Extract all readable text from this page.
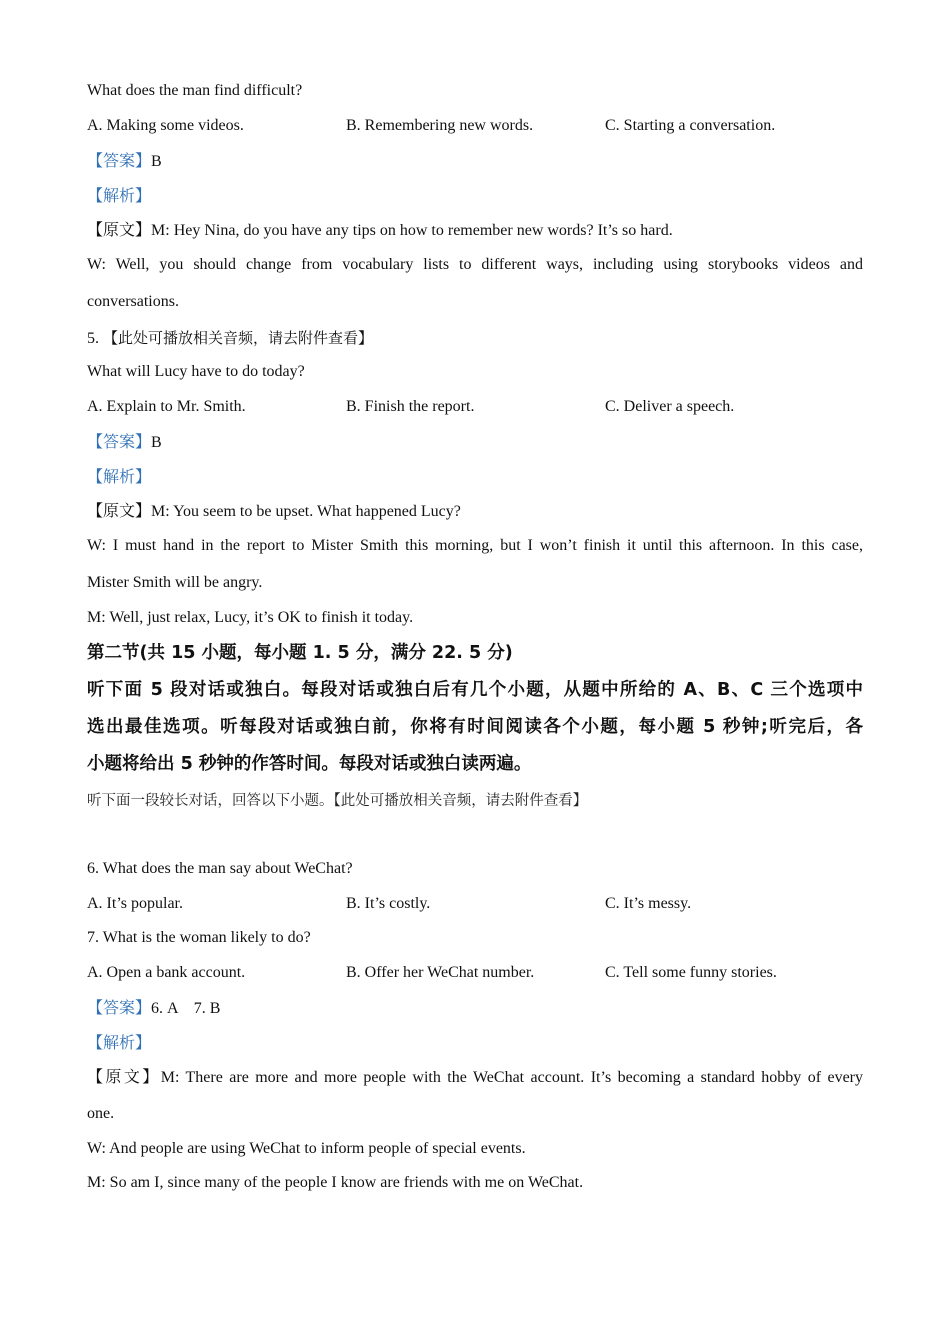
What does the man find difficult?
A. Making some videos.	B. Remembering new words.	C. Starting a conversation.
【答案】B
【解析】
【原文】M: Hey Nina, do you have any tips on how to remember new words? It’s so hard.
W: Well, you should change from vocabulary lists to different ways, including using storybooks videos and
conversations.
5. 【此处可播放相关音频，请去附件查看】
What will Lucy have to do today?
A. Explain to Mr. Smith.	B. Finish the report.	C. Deliver a speech.
【答案】B
【解析】
【原文】M: You seem to be upset. What happened Lucy?
W: I must hand in the report to Mister Smith this morning, but I won’t finish it until this afternoon. In this case,
Mister Smith will be angry.
M: Well, just relax, Lucy, it’s OK to finish it today.
第二节(共 15 小题，每小题 1. 5 分，满分 22. 5 分)
听下面 5 段对话或独白。每段对话或独白后有几个小题，从题中所给的 A、B、C 三个选项中
选出最佳选项。听每段对话或独白前，你将有时间阅读各个小题，每小题 5 秒钟;听完后，各
小题将给出 5 秒钟的作答时间。每段对话或独白读两遍。
听下面一段较长对话，回答以下小题。【此处可播放相关音频，请去附件查看】
6. What does the man say about WeChat?
A. It’s popular.	B. It’s costly.	C. It’s messy.
7. What is the woman likely to do?
A. Open a bank account.	B. Offer her WeChat number.	C. Tell some funny stories.
【答案】6. A    7. B
【解析】
【原文】M: There are more and more people with the WeChat account. It’s becoming a standard hobby of every
one.
W: And people are using WeChat to inform people of special events.
M: So am I, since many of the people I know are friends with me on WeChat.
